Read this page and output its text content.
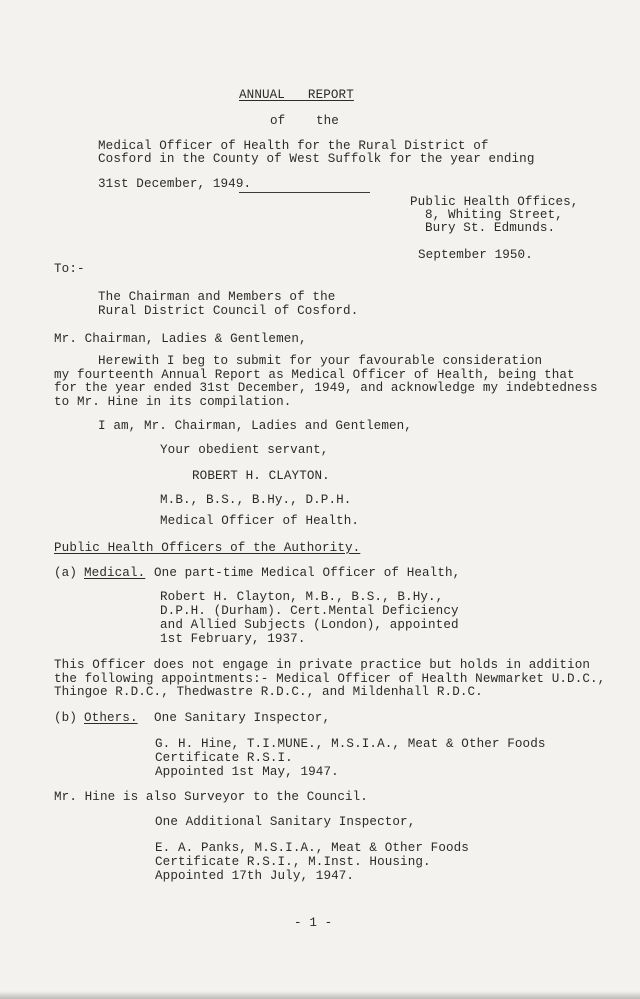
ANNUAL   REPORT
of    the
Medical Officer of Health for the Rural District of
Cosford in the County of West Suffolk for the year ending
31st December, 1949.
Public Health Offices,
8, Whiting Street,
Bury St. Edmunds.
September 1950.
To:-
The Chairman and Members of the
Rural District Council of Cosford.
Mr. Chairman, Ladies & Gentlemen,
Herewith I beg to submit for your favourable consideration
my fourteenth Annual Report as Medical Officer of Health, being that
for the year ended 31st December, 1949, and acknowledge my indebtedness
to Mr. Hine in its compilation.
I am, Mr. Chairman, Ladies and Gentlemen,
Your obedient servant,
ROBERT H. CLAYTON.
M.B., B.S., B.Hy., D.P.H.
Medical Officer of Health.
Public Health Officers of the Authority.
(a) Medical. One part-time Medical Officer of Health,
Robert H. Clayton, M.B., B.S., B.Hy.,
D.P.H. (Durham). Cert.Mental Deficiency
and Allied Subjects (London), appointed
1st February, 1937.
This Officer does not engage in private practice but holds in addition
the following appointments:- Medical Officer of Health Newmarket U.D.C.,
Thingoe R.D.C., Thedwastre R.D.C., and Mildenhall R.D.C.
(b) Others. One Sanitary Inspector,
G. H. Hine, T.I.MUNE., M.S.I.A., Meat & Other Foods
Certificate R.S.I.
Appointed 1st May, 1947.
Mr. Hine is also Surveyor to the Council.
One Additional Sanitary Inspector,
E. A. Panks, M.S.I.A., Meat & Other Foods
Certificate R.S.I., M.Inst. Housing.
Appointed 17th July, 1947.
- 1 -
